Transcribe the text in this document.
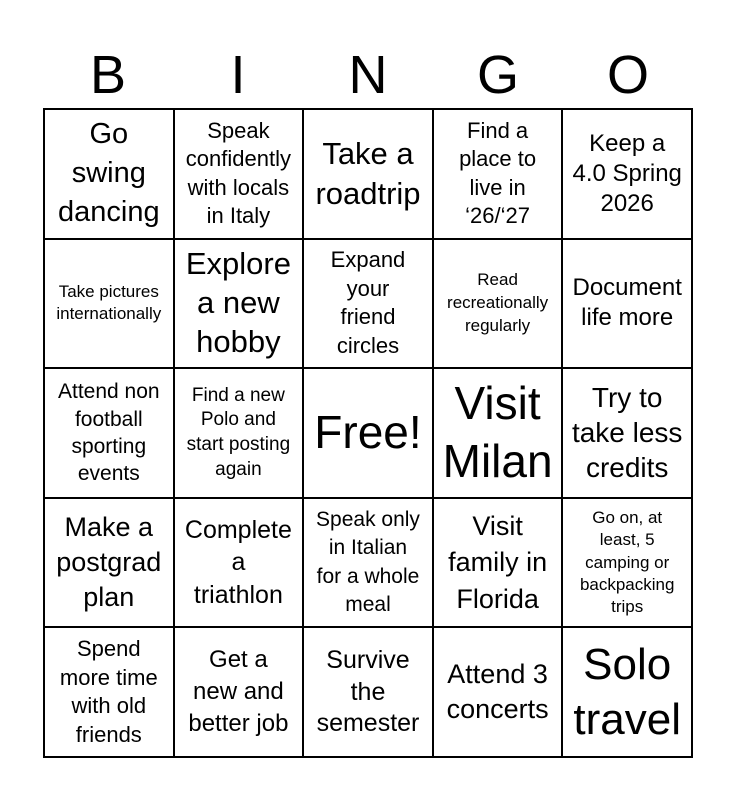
B	I	N	G	O
Go
swing
dancing
Speak
confidently
with locals
in Italy
Take a
roadtrip
Find a
place to
live in
‘26/‘27
Keep a
4.0 Spring
2026
Take pictures
internationally
Explore
a new
hobby
Expand
your
friend
circles
Read
recreationally
regularly
Document
life more
Attend non
football
sporting
events
Find a new
Polo and
start posting
again
Free!
Visit
Milan
Try to
take less
credits
Make a
postgrad
plan
Complete
a
triathlon
Speak only
in Italian
for a whole
meal
Visit
family in
Florida
Go on, at
least, 5
camping or
backpacking
trips
Spend
more time
with old
friends
Get a
new and
better job
Survive
the
semester
Attend 3
concerts
Solo
travel
